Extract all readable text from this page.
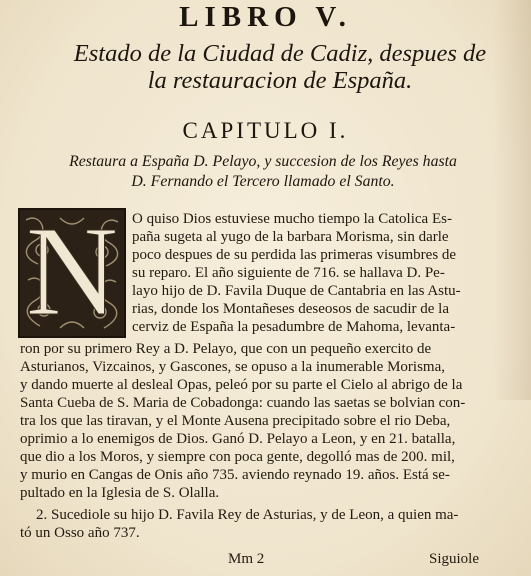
LIBRO V.
Estado de la Ciudad de Cadiz, despues de
la restauracion de España.
CAPITULO I.
Restaura a España D. Pelayo, y succesion de los Reyes hasta
D. Fernando el Tercero llamado el Santo.
N O quiso Dios estuviese mucho tiempo la Catolica Es-
paña sugeta al yugo de la barbara Morisma, sin darle
poco despues de su perdida las primeras visumbres de
su reparo. El año siguiente de 716. se hallava D. Pe-
layo hijo de D. Favila Duque de Cantabria en las Astu-
rias, donde los Montañeses deseosos de sacudir de la
cerviz de España la pesadumbre de Mahoma, levanta-
ron por su primero Rey a D. Pelayo, que con un pequeño exercito de
Asturianos, Vizcainos, y Gascones, se opuso a la inumerable Morisma,
y dando muerte al desleal Opas, peleó por su parte el Cielo al abrigo de la
Santa Cueba de S. Maria de Cobadonga: cuando las saetas se bolvian con-
tra los que las tiravan, y el Monte Ausena precipitado sobre el rio Deba,
oprimio a lo enemigos de Dios. Ganó D. Pelayo a Leon, y en 21. batalla,
que dio a los Moros, y siempre con poca gente, degolló mas de 200. mil,
y murio en Cangas de Onis año 735. aviendo reynado 19. años. Está se-
pultado en la Iglesia de S. Olalla.
2. Sucediole su hijo D. Favila Rey de Asturias, y de Leon, a quien ma-
tó un Osso año 737.
Mm 2	Siguiole
